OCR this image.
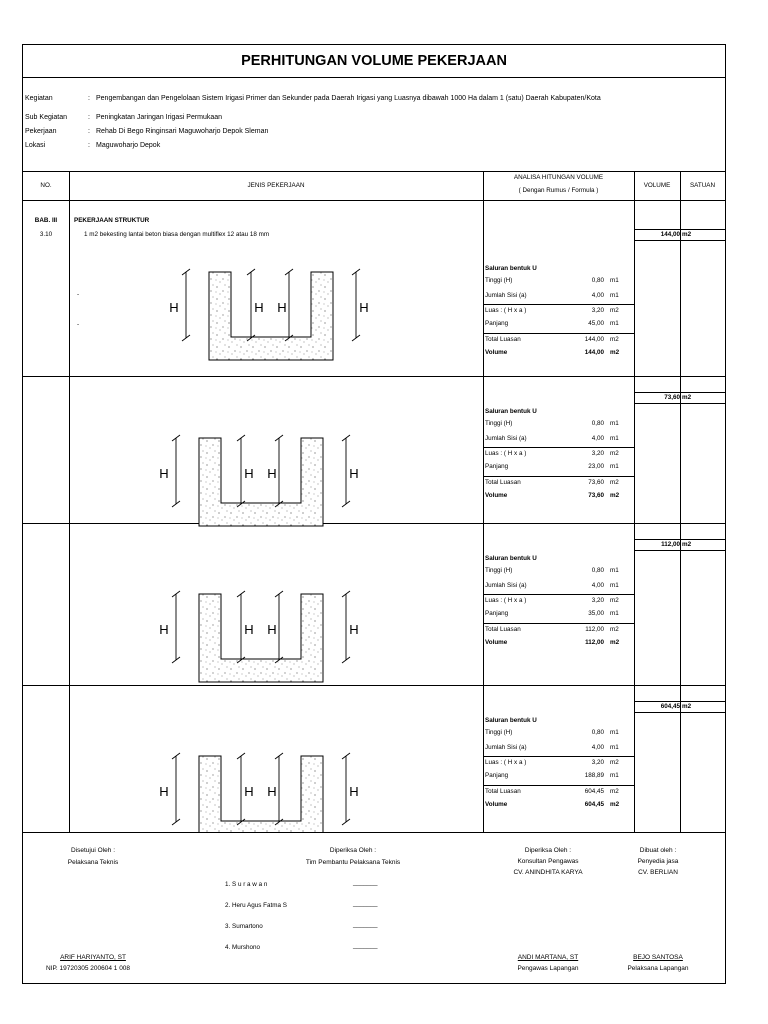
PERHITUNGAN VOLUME PEKERJAAN
Kegiatan	: Pengembangan dan Pengelolaan Sistem Irigasi Primer dan Sekunder pada Daerah Irigasi yang Luasnya dibawah 1000 Ha dalam 1 (satu) Daerah Kabupaten/Kota
Sub Kegiatan	: Peningkatan Jaringan Irigasi Permukaan
Pekerjaan	: Rehab Di Bego Ringinsari Maguwoharjo Depok Sleman
Lokasi	: Maguwoharjo Depok
NO.	JENIS PEKERJAAN
ANALISA HITUNGAN VOLUME
( Dengan Rumus / Formula )
VOLUME	SATUAN
BAB. III	PEKERJAAN STRUKTUR
3.10	1 m2 bekesting lantai beton biasa dengan multiflex 12 atau 18 mm
-
-
H	H H	H
H	H H	H
H	H H	H
H	H H	H
144,00 m2
Saluran bentuk U
Tinggi (H)	0,80 m1
Jumlah Sisi (a)	4,00 m1
Luas : ( H x a )	3,20 m2
Panjang	45,00 m1
Total Luasan	144,00 m2
Volume	144,00 m2
73,60 m2
Saluran bentuk U
Tinggi (H)	0,80 m1
Jumlah Sisi (a)	4,00 m1
Luas : ( H x a )	3,20 m2
Panjang	23,00 m1
Total Luasan	73,60 m2
Volume	73,60 m2
112,00 m2
Saluran bentuk U
Tinggi (H)	0,80 m1
Jumlah Sisi (a)	4,00 m1
Luas : ( H x a )	3,20 m2
Panjang	35,00 m1
Total Luasan	112,00 m2
Volume	112,00 m2
604,45 m2
Saluran bentuk U
Tinggi (H)	0,80 m1
Jumlah Sisi (a)	4,00 m1
Luas : ( H x a )	3,20 m2
Panjang	188,89 m1
Total Luasan	604,45 m2
Volume	604,45 m2
Disetujui Oleh :
Pelaksana Teknis
ARIF HARIYANTO, ST
NIP. 19720305 200604 1 008
Diperiksa Oleh :
Tim Pembantu Pelaksana Teknis
1. S u r a w a n	_______
2. Heru Agus Fatma S	_______
3. Sumartono	_______
4. Murshono	_______
Diperiksa Oleh :
Konsultan Pengawas
CV. ANINDHITA KARYA
ANDI MARTANA, ST
Pengawas Lapangan
Dibuat oleh :
Penyedia jasa
CV. BERLIAN
BEJO SANTOSA
Pelaksana Lapangan
